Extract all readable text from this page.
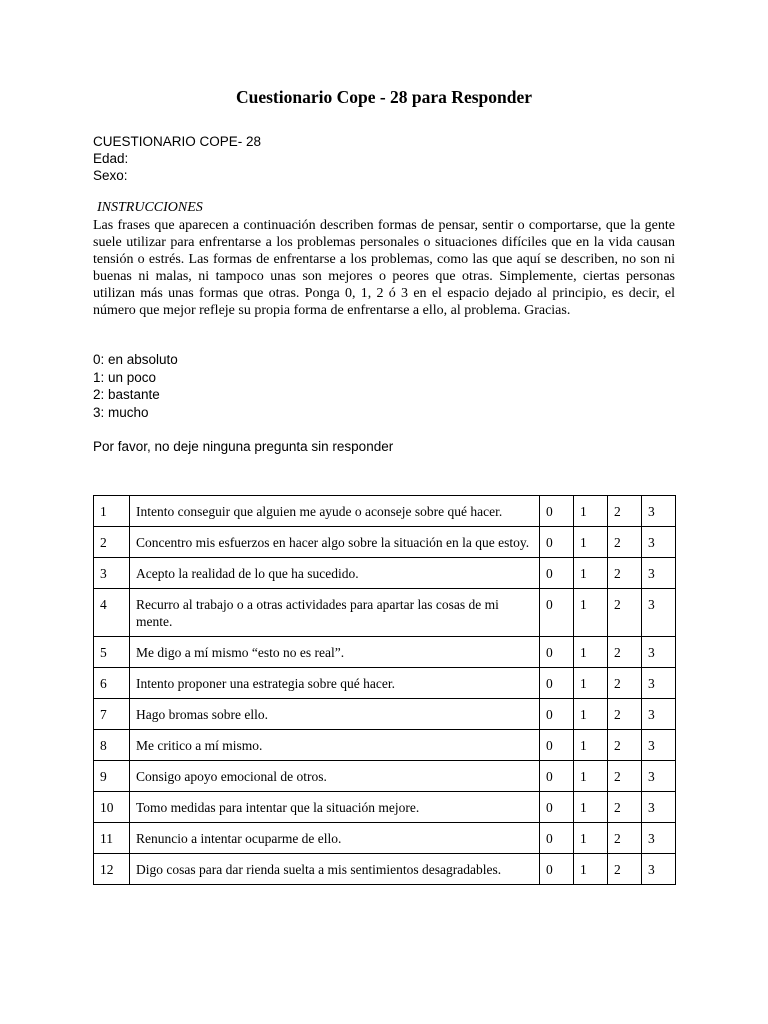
Cuestionario Cope - 28 para Responder
CUESTIONARIO COPE- 28
Edad:
Sexo:
INSTRUCCIONES
Las frases que aparecen a continuación describen formas de pensar, sentir o comportarse, que la gente suele utilizar para enfrentarse a los problemas personales o situaciones difíciles que en la vida causan tensión o estrés. Las formas de enfrentarse a los problemas, como las que aquí se describen, no son ni buenas ni malas, ni tampoco unas son mejores o peores que otras. Simplemente, ciertas personas utilizan más unas formas que otras. Ponga 0, 1, 2 ó 3 en el espacio dejado al principio, es decir, el número que mejor refleje su propia forma de enfrentarse a ello, al problema. Gracias.
0: en absoluto
1: un poco
2: bastante
3: mucho
Por favor, no deje ninguna pregunta sin responder
1	Intento conseguir que alguien me ayude o aconseje sobre qué hacer.	0	1	2	3
2	Concentro mis esfuerzos en hacer algo sobre la situación en la que estoy.	0	1	2	3
3	Acepto la realidad de lo que ha sucedido.	0	1	2	3
4	Recurro al trabajo o a otras actividades para apartar las cosas de mi mente.	0	1	2	3
5	Me digo a mí mismo “esto no es real”.	0	1	2	3
6	Intento proponer una estrategia sobre qué hacer.	0	1	2	3
7	Hago bromas sobre ello.	0	1	2	3
8	Me critico a mí mismo.	0	1	2	3
9	Consigo apoyo emocional de otros.	0	1	2	3
10	Tomo medidas para intentar que la situación mejore.	0	1	2	3
11	Renuncio a intentar ocuparme de ello.	0	1	2	3
12	Digo cosas para dar rienda suelta a mis sentimientos desagradables.	0	1	2	3
